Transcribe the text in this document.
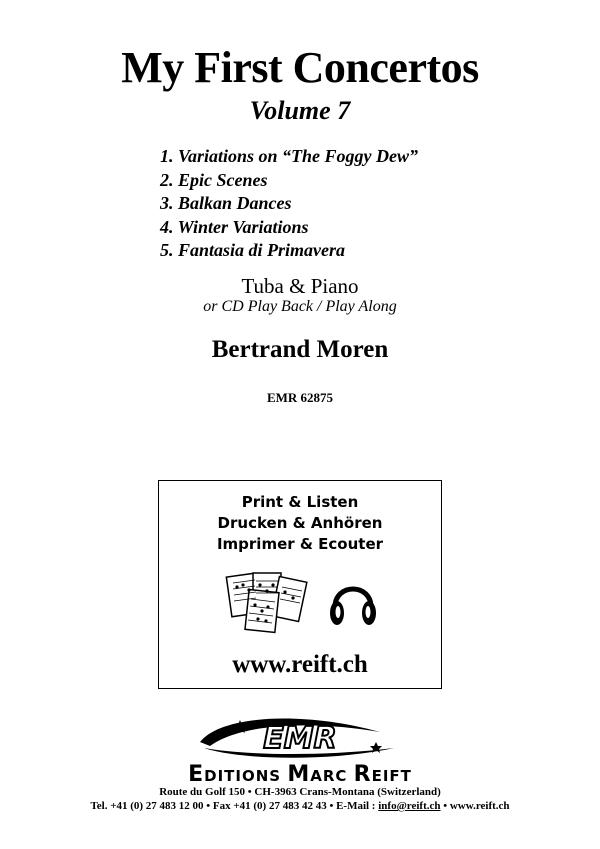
My First Concertos
Volume 7
1. Variations on “The Foggy Dew”
2. Epic Scenes
3. Balkan Dances
4. Winter Variations
5. Fantasia di Primavera
Tuba & Piano
or CD Play Back / Play Along
Bertrand Moren
EMR 62875
Print & Listen
Drucken & Anhören
Imprimer & Ecouter
www.reift.ch
EMR
EDITIONS MARC REIFT
Route du Golf 150 • CH-3963 Crans-Montana (Switzerland)
Tel. +41 (0) 27 483 12 00 • Fax +41 (0) 27 483 42 43 • E-Mail : info@reift.ch • www.reift.ch
